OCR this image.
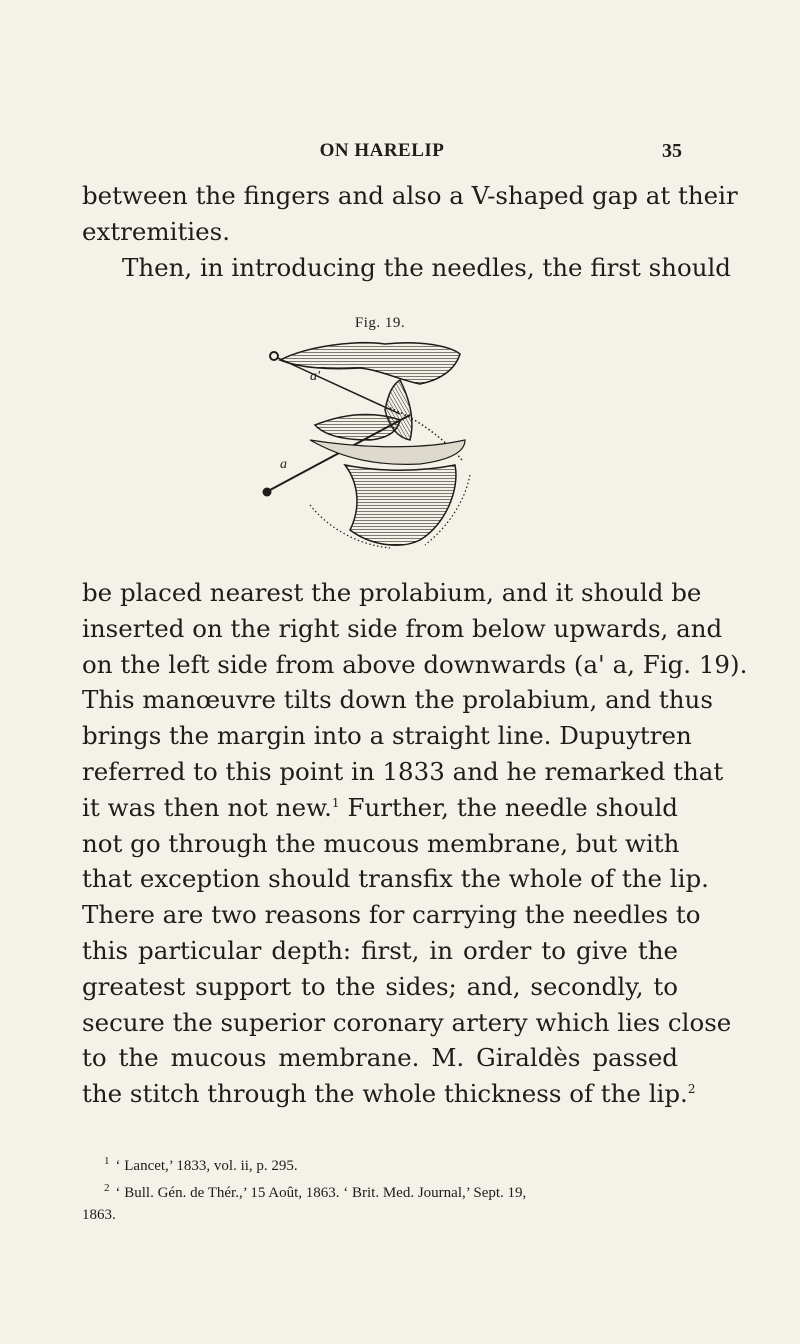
ON HARELIP	35

between the fingers and also a V-shaped gap at their
extremities.
Then, in introducing the needles, the first should

Fig. 19.
a'
a

be placed nearest the prolabium, and it should be
inserted on the right side from below upwards, and
on the left side from above downwards (a' a, Fig. 19).
This manœuvre tilts down the prolabium, and thus
brings the margin into a straight line. Dupuytren
referred to this point in 1833 and he remarked that
it was then not new.$^1$ Further, the needle should
not go through the mucous membrane, but with
that exception should transfix the whole of the lip.
There are two reasons for carrying the needles to
this particular depth: first, in order to give the
greatest support to the sides; and, secondly, to
secure the superior coronary artery which lies close
to the mucous membrane. M. Giraldès passed
the stitch through the whole thickness of the lip.$^2$

$^1$ ‘ Lancet,’ 1833, vol. ii, p. 295.
$^2$ ‘ Bull. Gén. de Thér.,’ 15 Août, 1863. ‘ Brit. Med. Journal,’ Sept. 19,
1863.
